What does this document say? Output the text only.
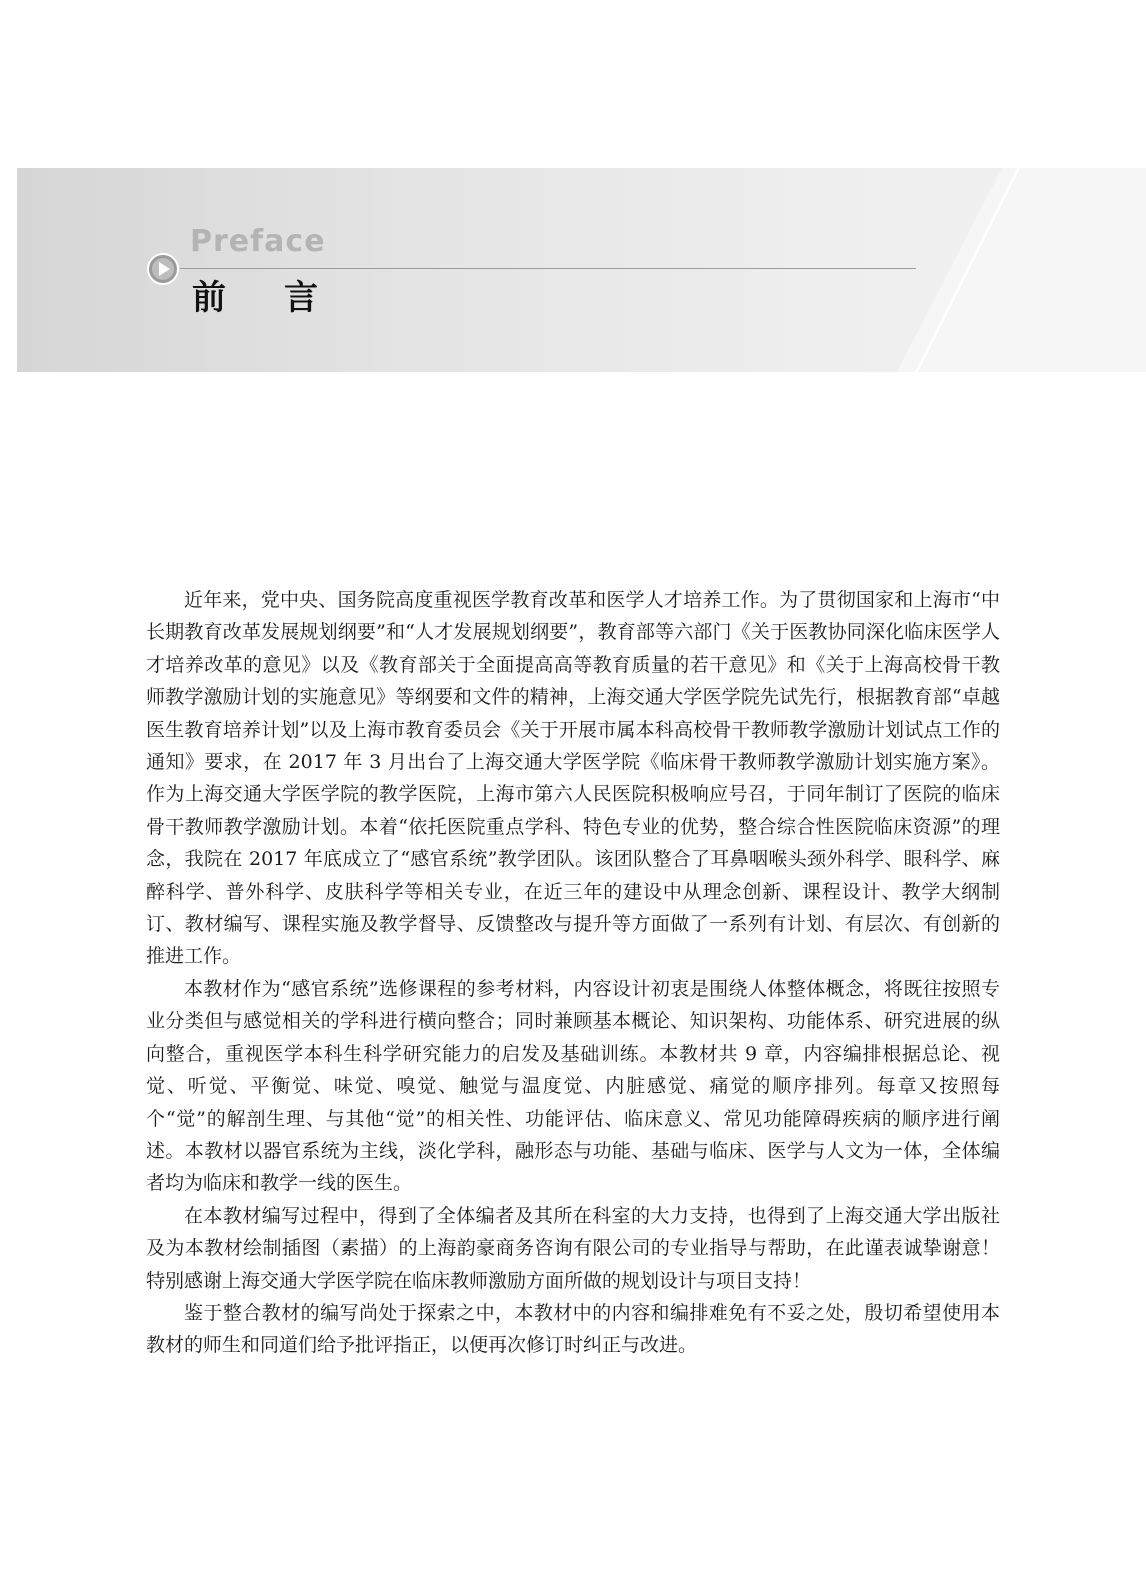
Preface
前言

近年来，党中央、国务院高度重视医学教育改革和医学人才培养工作。为了贯彻国家和上海市“中长期教育改革发展规划纲要”和“人才发展规划纲要”，教育部等六部门《关于医教协同深化临床医学人才培养改革的意见》以及《教育部关于全面提高高等教育质量的若干意见》和《关于上海高校骨干教师教学激励计划的实施意见》等纲要和文件的精神，上海交通大学医学院先试先行，根据教育部“卓越医生教育培养计划”以及上海市教育委员会《关于开展市属本科高校骨干教师教学激励计划试点工作的通知》要求，在 2017 年 3 月出台了上海交通大学医学院《临床骨干教师教学激励计划实施方案》。作为上海交通大学医学院的教学医院，上海市第六人民医院积极响应号召，于同年制订了医院的临床骨干教师教学激励计划。本着“依托医院重点学科、特色专业的优势，整合综合性医院临床资源”的理念，我院在 2017 年底成立了“感官系统”教学团队。该团队整合了耳鼻咽喉头颈外科学、眼科学、麻醉科学、普外科学、皮肤科学等相关专业，在近三年的建设中从理念创新、课程设计、教学大纲制订、教材编写、课程实施及教学督导、反馈整改与提升等方面做了一系列有计划、有层次、有创新的推进工作。

本教材作为“感官系统”选修课程的参考材料，内容设计初衷是围绕人体整体概念，将既往按照专业分类但与感觉相关的学科进行横向整合；同时兼顾基本概论、知识架构、功能体系、研究进展的纵向整合，重视医学本科生科学研究能力的启发及基础训练。本教材共 9 章，内容编排根据总论、视觉、听觉、平衡觉、味觉、嗅觉、触觉与温度觉、内脏感觉、痛觉的顺序排列。每章又按照每个“觉”的解剖生理、与其他“觉”的相关性、功能评估、临床意义、常见功能障碍疾病的顺序进行阐述。本教材以器官系统为主线，淡化学科，融形态与功能、基础与临床、医学与人文为一体，全体编者均为临床和教学一线的医生。

在本教材编写过程中，得到了全体编者及其所在科室的大力支持，也得到了上海交通大学出版社及为本教材绘制插图（素描）的上海韵豪商务咨询有限公司的专业指导与帮助，在此谨表诚挚谢意！特别感谢上海交通大学医学院在临床教师激励方面所做的规划设计与项目支持！

鉴于整合教材的编写尚处于探索之中，本教材中的内容和编排难免有不妥之处，殷切希望使用本教材的师生和同道们给予批评指正，以便再次修订时纠正与改进。
